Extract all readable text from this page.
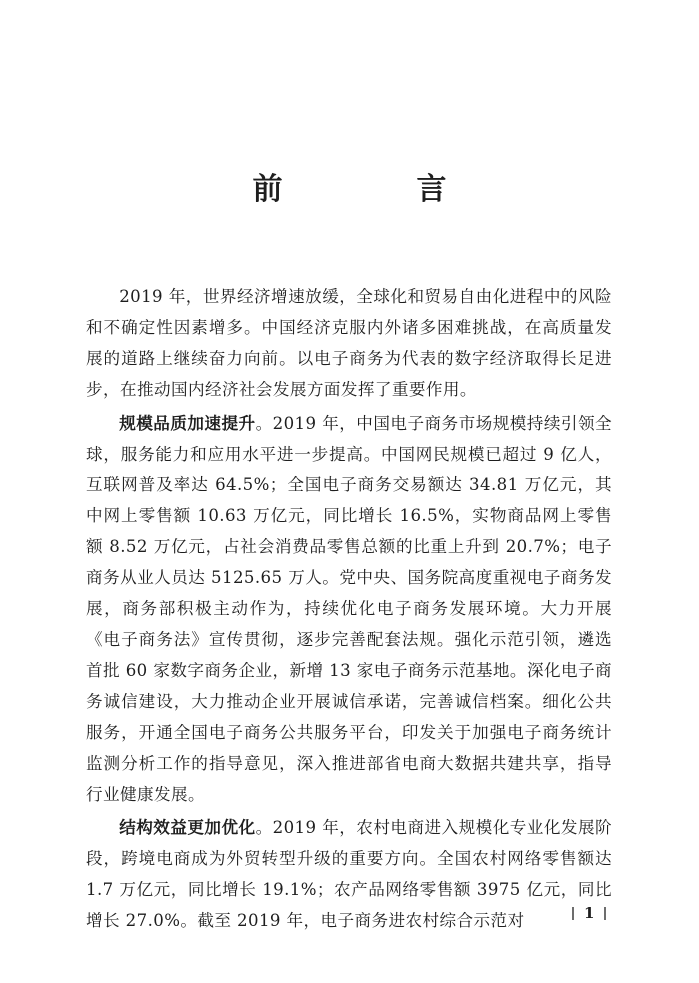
前　言

2019 年，世界经济增速放缓，全球化和贸易自由化进程中的风险和不确定性因素增多。中国经济克服内外诸多困难挑战，在高质量发展的道路上继续奋力向前。以电子商务为代表的数字经济取得长足进步，在推动国内经济社会发展方面发挥了重要作用。

规模品质加速提升。2019 年，中国电子商务市场规模持续引领全球，服务能力和应用水平进一步提高。中国网民规模已超过 9 亿人，互联网普及率达 64.5%；全国电子商务交易额达 34.81 万亿元，其中网上零售额 10.63 万亿元，同比增长 16.5%，实物商品网上零售额 8.52 万亿元，占社会消费品零售总额的比重上升到 20.7%；电子商务从业人员达 5125.65 万人。党中央、国务院高度重视电子商务发展，商务部积极主动作为，持续优化电子商务发展环境。大力开展《电子商务法》宣传贯彻，逐步完善配套法规。强化示范引领，遴选首批 60 家数字商务企业，新增 13 家电子商务示范基地。深化电子商务诚信建设，大力推动企业开展诚信承诺，完善诚信档案。细化公共服务，开通全国电子商务公共服务平台，印发关于加强电子商务统计监测分析工作的指导意见，深入推进部省电商大数据共建共享，指导行业健康发展。

结构效益更加优化。2019 年，农村电商进入规模化专业化发展阶段，跨境电商成为外贸转型升级的重要方向。全国农村网络零售额达 1.7 万亿元，同比增长 19.1%；农产品网络零售额 3975 亿元，同比增长 27.0%。截至 2019 年，电子商务进农村综合示范对	1
